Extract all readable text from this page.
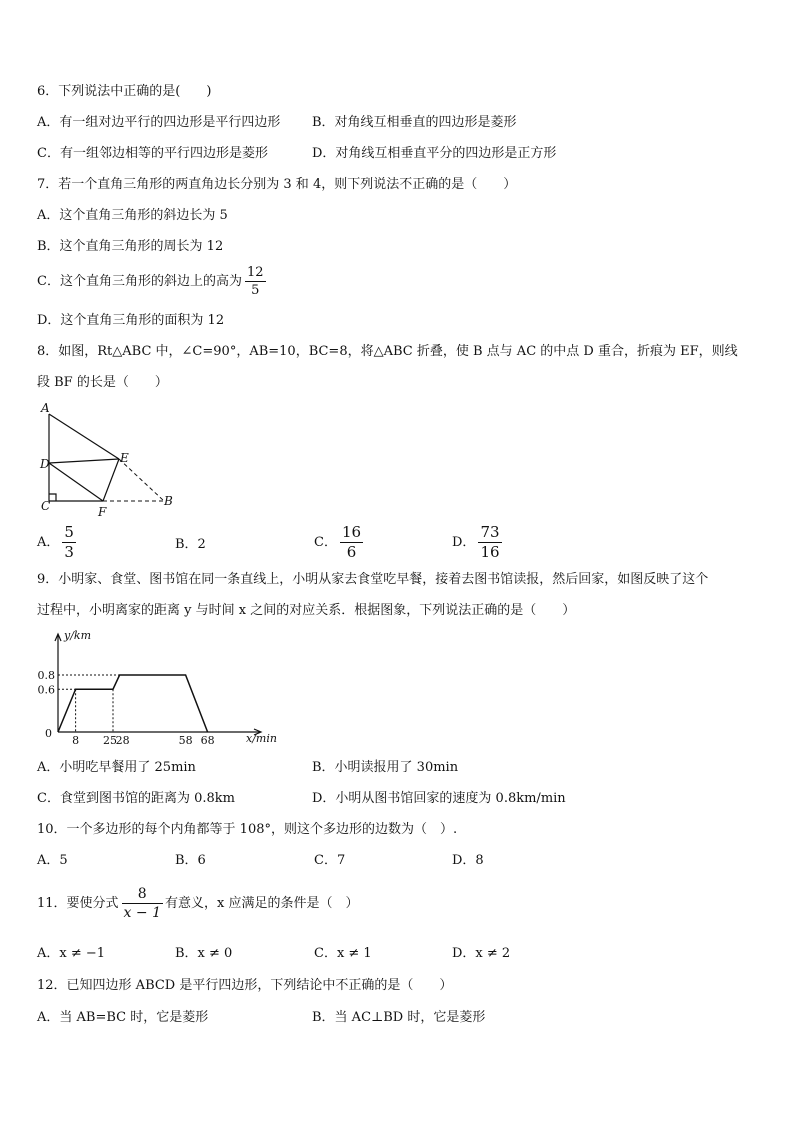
6．下列说法中正确的是(　　)
A．有一组对边平行的四边形是平行四边形 B．对角线互相垂直的四边形是菱形
C．有一组邻边相等的平行四边形是菱形	D．对角线互相垂直平分的四边形是正方形
7．若一个直角三角形的两直角边长分别为 3 和 4，则下列说法不正确的是（　　）
A．这个直角三角形的斜边长为 5
B．这个直角三角形的周长为 12
C．这个直角三角形的斜边上的高为 $\frac{12}{5}$
D．这个直角三角形的面积为 12
8．如图，Rt△ABC 中，∠C=90°，AB=10，BC=8，将△ABC 折叠，使 B 点与 AC 的中点 D 重合，折痕为 EF，则线
段 BF 的长是（　　）
A
D
C	F
E
B
A． $\frac{5}{3}$	B．2	C． $\frac{16}{6}$	D． $\frac{73}{16}$
9．小明家、食堂、图书馆在同一条直线上，小明从家去食堂吃早餐，接着去图书馆读报，然后回家，如图反映了这个
过程中，小明离家的距离 y 与时间 x 之间的对应关系．根据图象，下列说法正确的是（　　）
y/km
x/min
0
8 25
28	58 68
0.8
0.6
A．小明吃早餐用了 25min	B．小明读报用了 30min
C．食堂到图书馆的距离为 0.8km	D．小明从图书馆回家的速度为 0.8km/min
10．一个多边形的每个内角都等于 108°，则这个多边形的边数为（　）.
A．5	B．6	C．7	D．8
11．要使分式 $\frac{8}{x - 1}$ 有意义，x 应满足的条件是（　）
A．x ≠ −1	B．x ≠ 0	C．x ≠ 1	D．x ≠ 2
12．已知四边形 ABCD 是平行四边形，下列结论中不正确的是（　　）
A．当 AB=BC 时，它是菱形	B．当 AC⊥BD 时，它是菱形
